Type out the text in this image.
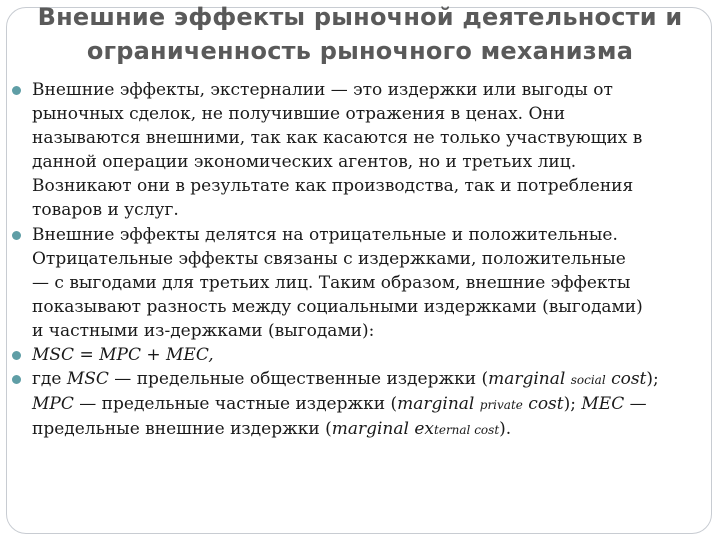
Внешние эффекты рыночной деятельности и
ограниченность рыночного механизма
Внешние эффекты, экстерналии — это издержки или выгоды от
рыночных сделок, не получившие отражения в ценах. Они
называются внешними, так как касаются не только участвующих в
данной операции экономических агентов, но и третьих лиц.
Возникают они в результате как производства, так и потребления
товаров и услуг.
Внешние эффекты делятся на отрицательные и положительные.
Отрицательные эффекты связаны с издержками, положительные
— с выгодами для третьих лиц. Таким образом, внешние эффекты
показывают разность между социальными издержками (выгодами)
и частными из-держками (выгодами):
MSC = MPC + MEC,
где MSC — предельные общественные издержки (marginal social cost);
MPC — предельные частные издержки (marginal private cost); MEC —
предельные внешние издержки (marginal external cost).
